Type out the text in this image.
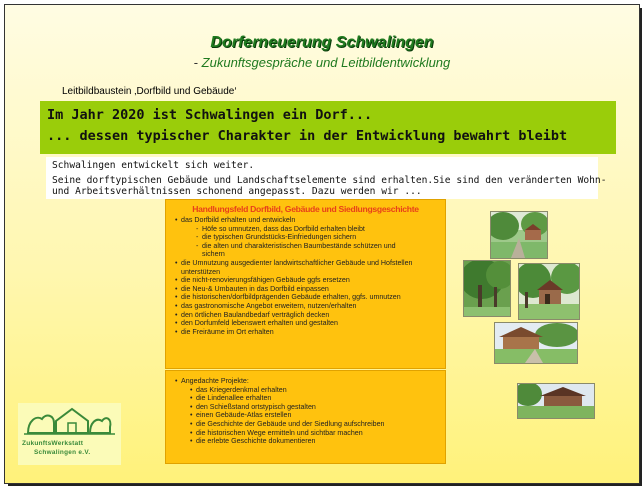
Dorferneuerung Schwalingen
- Zukunftsgespräche und Leitbildentwicklung
Leitbildbaustein ‚Dorfbild und Gebäude‘
Im Jahr 2020 ist Schwalingen ein Dorf...
... dessen typischer Charakter in der Entwicklung bewahrt bleibt
Schwalingen entwickelt sich weiter.
Seine dorftypischen Gebäude und Landschaftselemente sind erhalten.Sie sind den veränderten Wohn-
und Arbeitsverhältnissen schonend angepasst. Dazu werden wir ...
Handlungsfeld Dorfbild, Gebäude und Siedlungsgeschichte
• das Dorfbild erhalten und entwickeln
- Höfe so umnutzen, dass das Dorfbild erhalten bleibt
- die typischen Grundstücks-Einfriedungen sichern
- die alten und charakteristischen Baumbestände schützen und
sichern
• die Umnutzung ausgedienter landwirtschaftlicher Gebäude und Hofstellen
unterstützen
• die nicht-renovierungsfähigen Gebäude ggfs ersetzen
• die Neu-& Umbauten in das Dorfbild einpassen
• die historischen/dorfbildprägenden Gebäude erhalten, ggfs. umnutzen
• das gastronomische Angebot erweitern, nutzen/erhalten
• den örtlichen Baulandbedarf verträglich decken
• den Dorfumfeld lebenswert erhalten und gestalten
• die Freiräume im Ort erhalten
• Angedachte Projekte:
• das Kriegerdenkmal erhalten
• die Lindenallee erhalten
• den Schießstand ortstypisch gestalten
• einen Gebäude-Atlas erstellen
• die Geschichte der Gebäude und der Siedlung aufschreiben
• die historischen Wege ermitteln und sichtbar machen
• die erlebte Geschichte dokumentieren
ZukunftsWerkstatt
Schwalingen e.V.
